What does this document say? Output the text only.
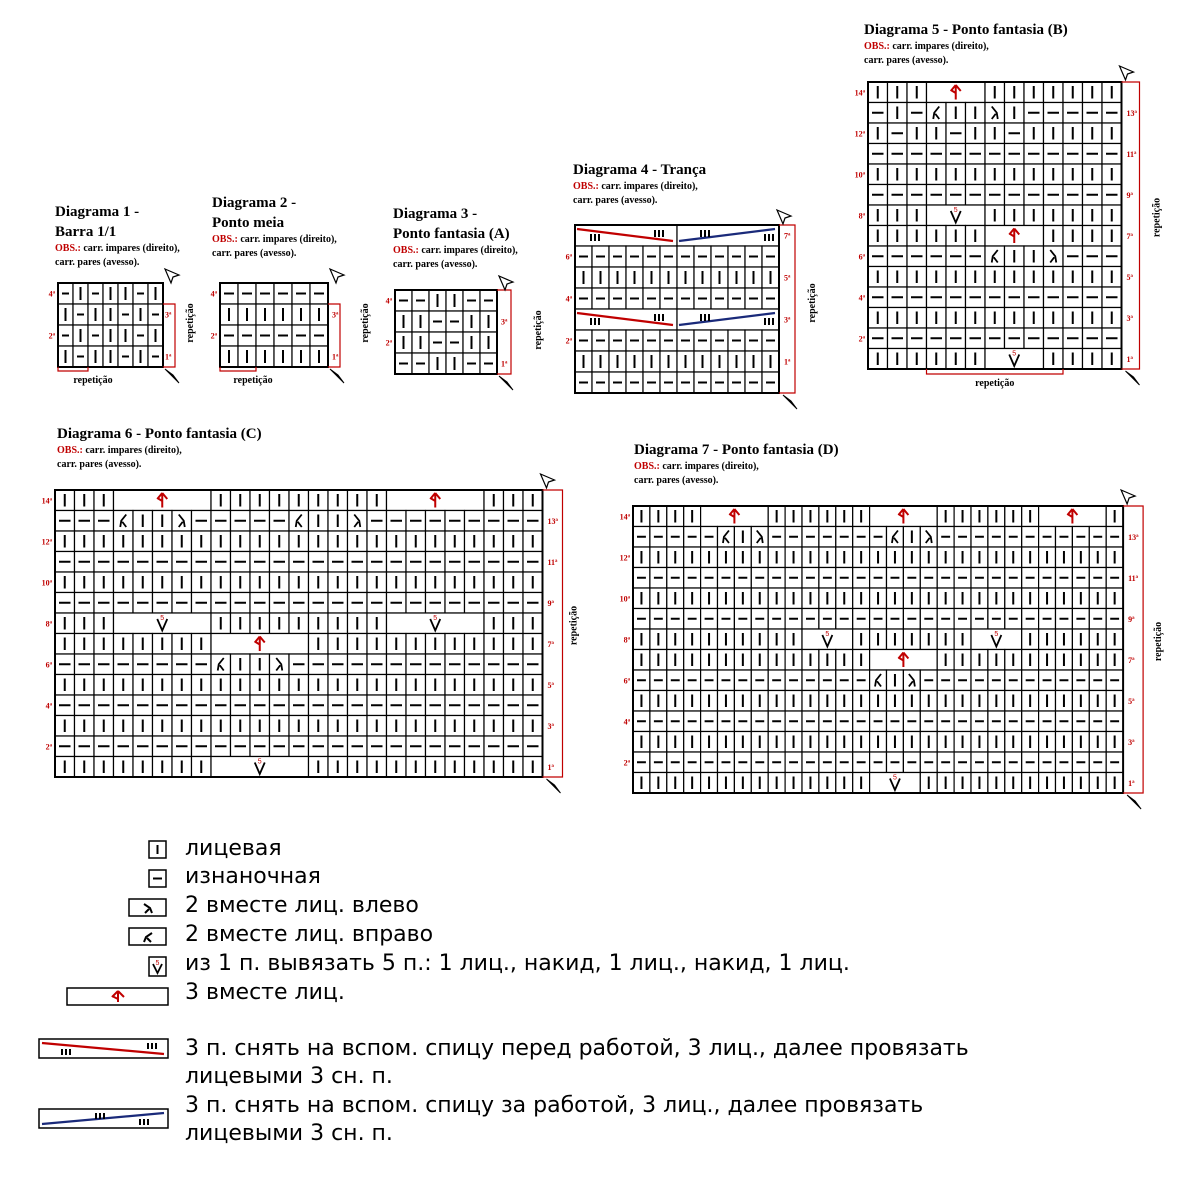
Diagrama 1 -
Barra 1/1
OBS.: carr. impares (direito),
carr. pares (avesso).
4ª
2ª
3ª
1ª
repetição
repetição
Diagrama 2 -
Ponto meia
OBS.: carr. impares (direito),
carr. pares (avesso).
4ª
2ª
3ª
1ª
repetição
repetição
Diagrama 3 -
Ponto fantasia (A)
OBS.: carr. impares (direito),
carr. pares (avesso).
4ª
2ª
3ª
1ª
repetição
Diagrama 4 - Trança
OBS.: carr. impares (direito),
carr. pares (avesso).
6ª
4ª
2ª
7ª
5ª
3ª
1ª
repetição
Diagrama 5 - Ponto fantasia (B)
OBS.: carr. impares (direito),
carr. pares (avesso).
5
5
14ª
12ª
10ª
8ª
6ª
4ª
2ª
13ª
11ª
9ª
7ª
5ª
3ª
1ª
repetição
repetição
Diagrama 6 - Ponto fantasia (C)
OBS.: carr. impares (direito),
carr. pares (avesso).
5	5
5
14ª
12ª
10ª
8ª
6ª
4ª
2ª
13ª
11ª
9ª
7ª
5ª
3ª
1ª
repetição
Diagrama 7 - Ponto fantasia (D)
OBS.: carr. impares (direito),
carr. pares (avesso).
5	5
5
14ª
12ª
10ª
8ª
6ª
4ª
2ª
13ª
11ª
9ª
7ª
5ª
3ª
1ª
repetição
лицевая
изнаночная
2 вместе лиц. влево
2 вместе лиц. вправо
5 из 1 п. вывязать 5 п.: 1 лиц., накид, 1 лиц., накид, 1 лиц.
3 вместе лиц.
3 п. снять на вспом. спицу перед работой, 3 лиц., далее провязать
лицевыми 3 сн. п.
3 п. снять на вспом. спицу за работой, 3 лиц., далее провязать
лицевыми 3 сн. п.
